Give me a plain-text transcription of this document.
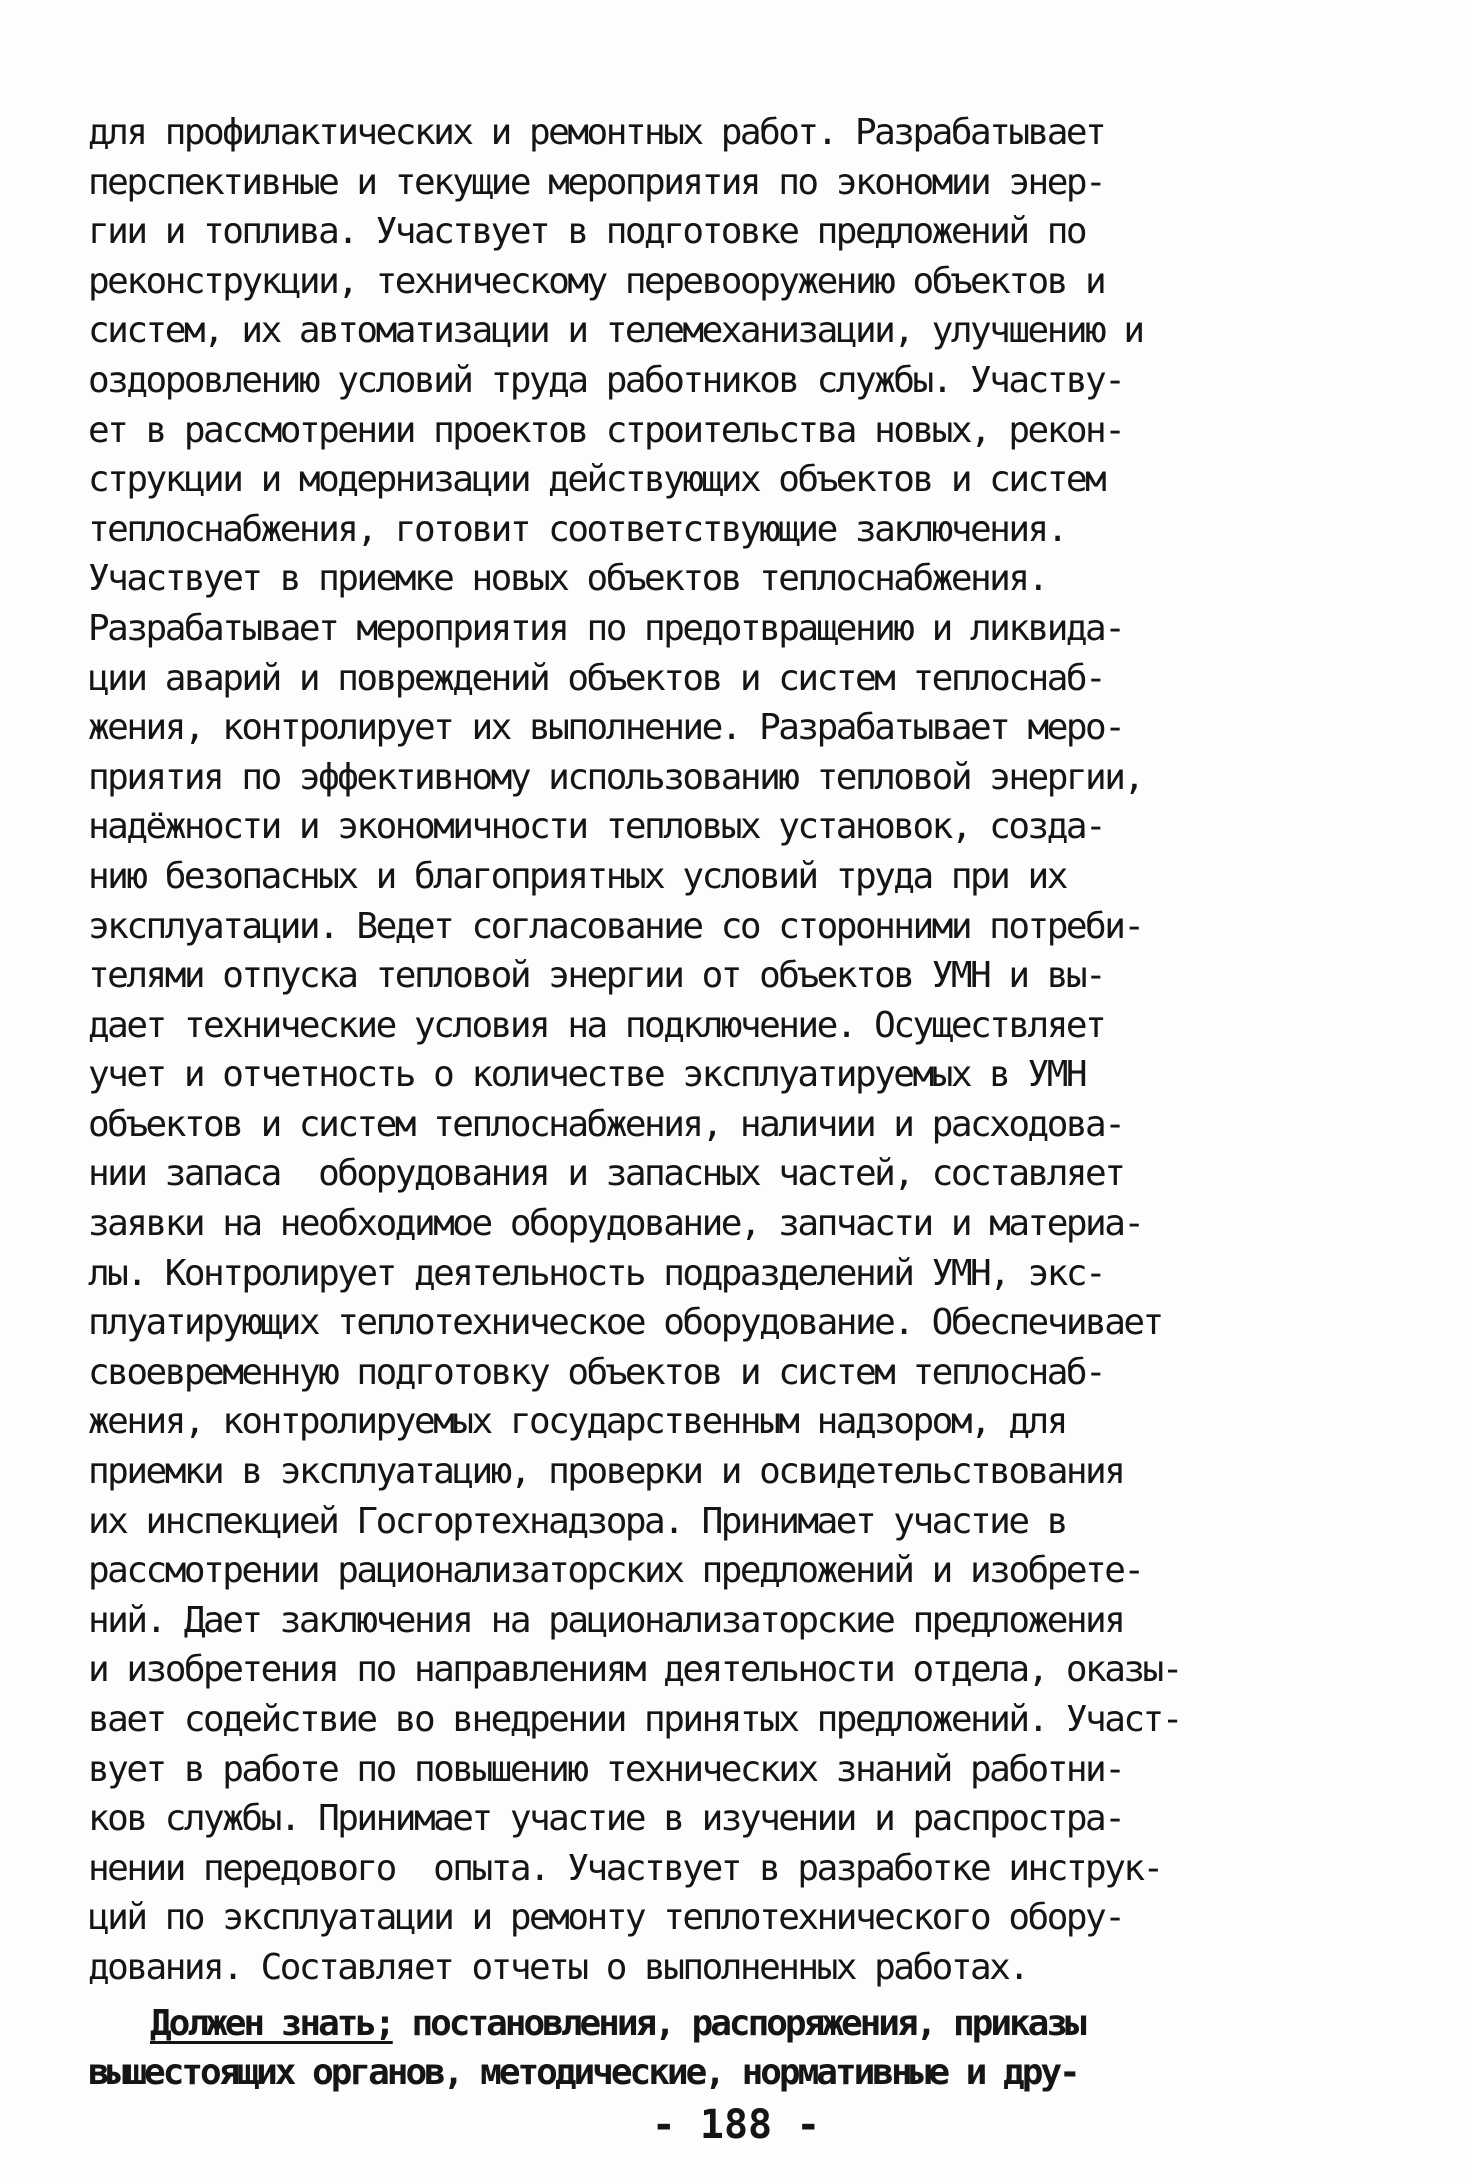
для профилактических и ремонтных работ. Разрабатывает
перспективные и текущие мероприятия по экономии энер-
гии и топлива. Участвует в подготовке предложений по
реконструкции, техническому перевооружению объектов и
систем, их автоматизации и телемеханизации, улучшению и
оздоровлению условий труда работников службы. Участву-
ет в рассмотрении проектов строительства новых, рекон-
струкции и модернизации действующих объектов и систем
теплоснабжения, готовит соответствующие заключения.
Участвует в приемке новых объектов теплоснабжения.
Разрабатывает мероприятия по предотвращению и ликвида-
ции аварий и повреждений объектов и систем теплоснаб-
жения, контролирует их выполнение. Разрабатывает меро-
приятия по эффективному использованию тепловой энергии,
надёжности и экономичности тепловых установок, созда-
нию безопасных и благоприятных условий труда при их
эксплуатации. Ведет согласование со сторонними потреби-
телями отпуска тепловой энергии от объектов УМН и вы-
дает технические условия на подключение. Осуществляет
учет и отчетность о количестве эксплуатируемых в УМН
объектов и систем теплоснабжения, наличии и расходова-
нии запаса  оборудования и запасных частей, составляет
заявки на необходимое оборудование, запчасти и материа-
лы. Контролирует деятельность подразделений УМН, экс-
плуатирующих теплотехническое оборудование. Обеспечивает
своевременную подготовку объектов и систем теплоснаб-
жения, контролируемых государственным надзором, для
приемки в эксплуатацию, проверки и освидетельствования
их инспекцией Госгортехнадзора. Принимает участие в
рассмотрении рационализаторских предложений и изобрете-
ний. Дает заключения на рационализаторские предложения
и изобретения по направлениям деятельности отдела, оказы-
вает содействие во внедрении принятых предложений. Участ-
вует в работе по повышению технических знаний работни-
ков службы. Принимает участие в изучении и распростра-
нении передового  опыта. Участвует в разработке инструк-
ций по эксплуатации и ремонту теплотехнического обору-
дования. Составляет отчеты о выполненных работах.
Должен знать; постановления, распоряжения, приказы
вышестоящих органов, методические, нормативные и дру-
- 188 -
